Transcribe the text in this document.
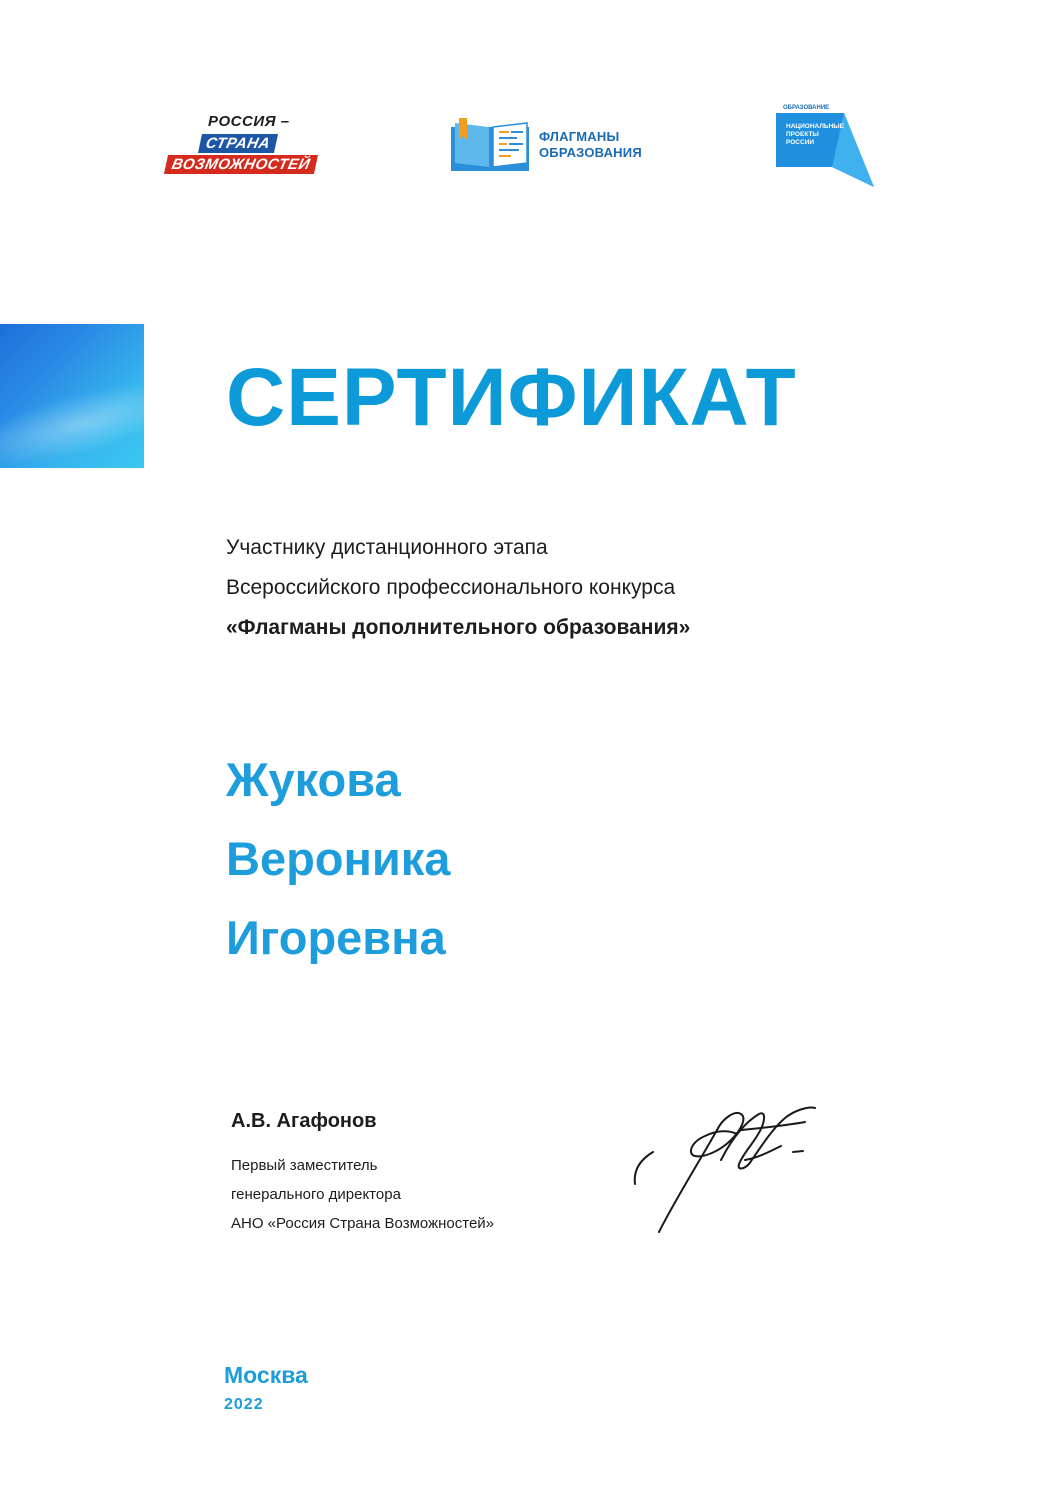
РОССИЯ –
СТРАНА
ВОЗМОЖНОСТЕЙ
ФЛАГМАНЫ
ОБРАЗОВАНИЯ
ОБРАЗОВАНИЕ
НАЦИОНАЛЬНЫЕ
ПРОЕКТЫ
РОССИИ
СЕРТИФИКАТ
Участнику дистанционного этапа
Всероссийского профессионального конкурса
«Флагманы дополнительного образования»
Жукова
Вероника
Игоревна
А.В. Агафонов
Первый заместитель
генерального директора
АНО «Россия Страна Возможностей»
Москва
2022
